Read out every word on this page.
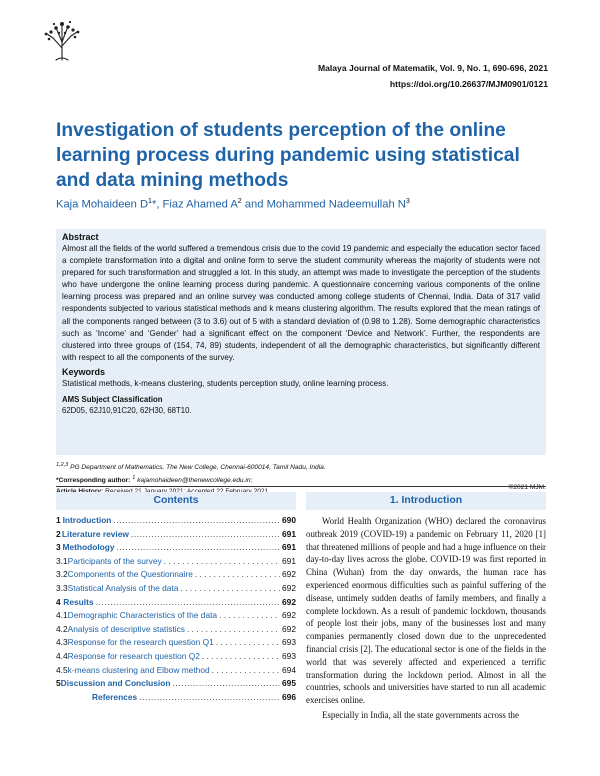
Malaya Journal of Matematik, Vol. 9, No. 1, 690-696, 2021
https://doi.org/10.26637/MJM0901/0121
Investigation of students perception of the online learning process during pandemic using statistical and data mining methods
Kaja Mohaideen $D^1*$, Fiaz Ahamed $A^2$ and Mohammed Nadeemullah $N^3$
Abstract

Almost all the fields of the world suffered a tremendous crisis due to the covid 19 pandemic and especially the education sector faced a complete transformation into a digital and online form to serve the student community whereas the majority of students were not prepared for such transformation and struggled a lot. In this study, an attempt was made to investigate the perception of the students who have undergone the online learning process during pandemic. A questionnaire concerning various components of the online learning process was prepared and an online survey was conducted among college students of Chennai, India. Data of 317 valid respondents subjected to various statistical methods and k means clustering algorithm. The results explored that the mean ratings of all the components ranged between (3 to 3.6) out of 5 with a standard deviation of (0.98 to 1.28). Some demographic characteristics such as ‘Income’ and ‘Gender’ had a significant effect on the component ‘Device and Network’. Further, the respondents are clustered into three groups of (154, 74, 89) students, independent of all the demographic characteristics, but significantly different with respect to all the components of the survey.

Keywords
Statistical methods, k-means clustering, students perception study, online learning process.
AMS Subject Classification
62D05, 62J10,91C20, 62H30, 68T10.
$^{1,2,3}$ PG Department of Mathematics, The New College, Chennai-600014, Tamil Nadu, India.
*Corresponding author: $^1$ kajamohaideen@thenewcollege.edu.in;
©2021 MJM.
Contents
1 Introduction .....	690
2 Literature review .....	691
3 Methodology .....	691
3.1 Participants of the survey . . .	691
3.2 Components of the Questionnaire . . .	692
3.3 Statistical Analysis of the data . . .	692
4 Results .....	692
4.1 Demographic Characteristics of the data . . .	692
4.2 Analysis of descriptive statistics . . .	692
4.3 Response for the research question Q1 . . .	693
4.4 Response for research question Q2 . . .	693
4.5 k-means clustering and Elbow method . . .	694
5 Discussion and Conclusion .....	695
References .....	696
1. Introduction

World Health Organization (WHO) declared the coronavirus outbreak 2019 (COVID-19) a pandemic on February 11, 2020 [1] that threatened millions of people and had a huge influence on their day-to-day lives across the globe. COVID-19 was first reported in China (Wuhan) from the day onwards, the human race has experienced enormous difficulties such as painful suffering of the disease, untimely sudden deaths of family members, and finally a complete lockdown. As a result of pandemic lockdown, thousands of people lost their jobs, many of the businesses lost and many companies permanently closed down due to the unprecedented financial crisis [2]. The educational sector is one of the fields in the world that was severely affected and experienced a terrific transformation during the lockdown period. Almost in all the countries, schools and universities have started to run all academic exercises online.

Especially in India, all the state governments across the
